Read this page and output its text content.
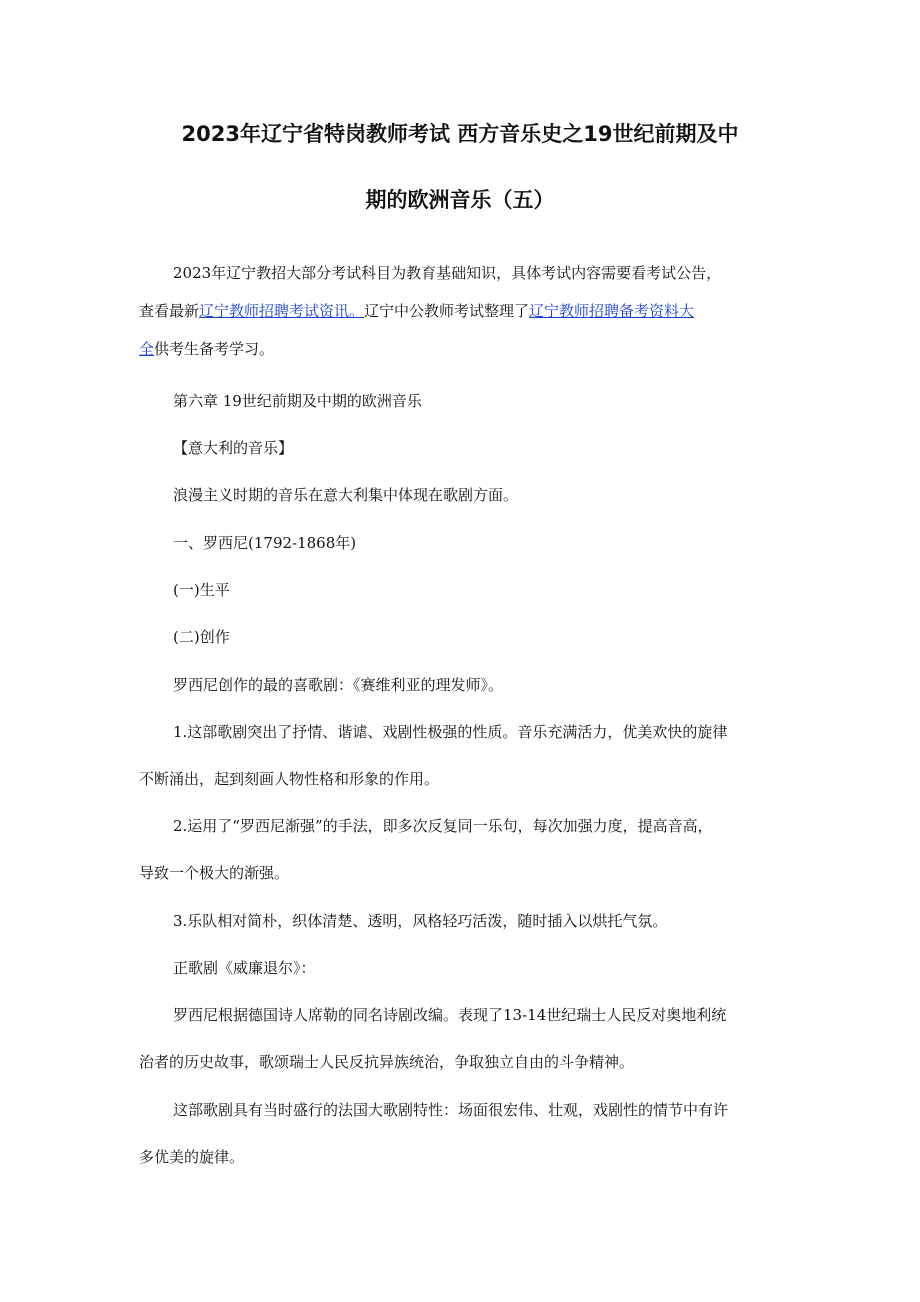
2023年辽宁省特岗教师考试 西方音乐史之19世纪前期及中
期的欧洲音乐（五）

2023年辽宁教招大部分考试科目为教育基础知识，具体考试内容需要看考试公告，

查看最新辽宁教师招聘考试资讯。辽宁中公教师考试整理了辽宁教师招聘备考资料大

全供考生备考学习。

第六章 19世纪前期及中期的欧洲音乐

【意大利的音乐】

浪漫主义时期的音乐在意大利集中体现在歌剧方面。

一、罗西尼(1792-1868年)

(一)生平

(二)创作

罗西尼创作的最的喜歌剧：《赛维利亚的理发师》。

1.这部歌剧突出了抒情、谐谑、戏剧性极强的性质。音乐充满活力，优美欢快的旋律

不断涌出，起到刻画人物性格和形象的作用。

2.运用了“罗西尼渐强”的手法，即多次反复同一乐句，每次加强力度，提高音高，

导致一个极大的渐强。

3.乐队相对简朴，织体清楚、透明，风格轻巧活泼，随时插入以烘托气氛。

正歌剧《威廉退尔》：

罗西尼根据德国诗人席勒的同名诗剧改编。表现了13-14世纪瑞士人民反对奥地利统

治者的历史故事，歌颂瑞士人民反抗异族统治，争取独立自由的斗争精神。

这部歌剧具有当时盛行的法国大歌剧特性：场面很宏伟、壮观，戏剧性的情节中有许

多优美的旋律。
